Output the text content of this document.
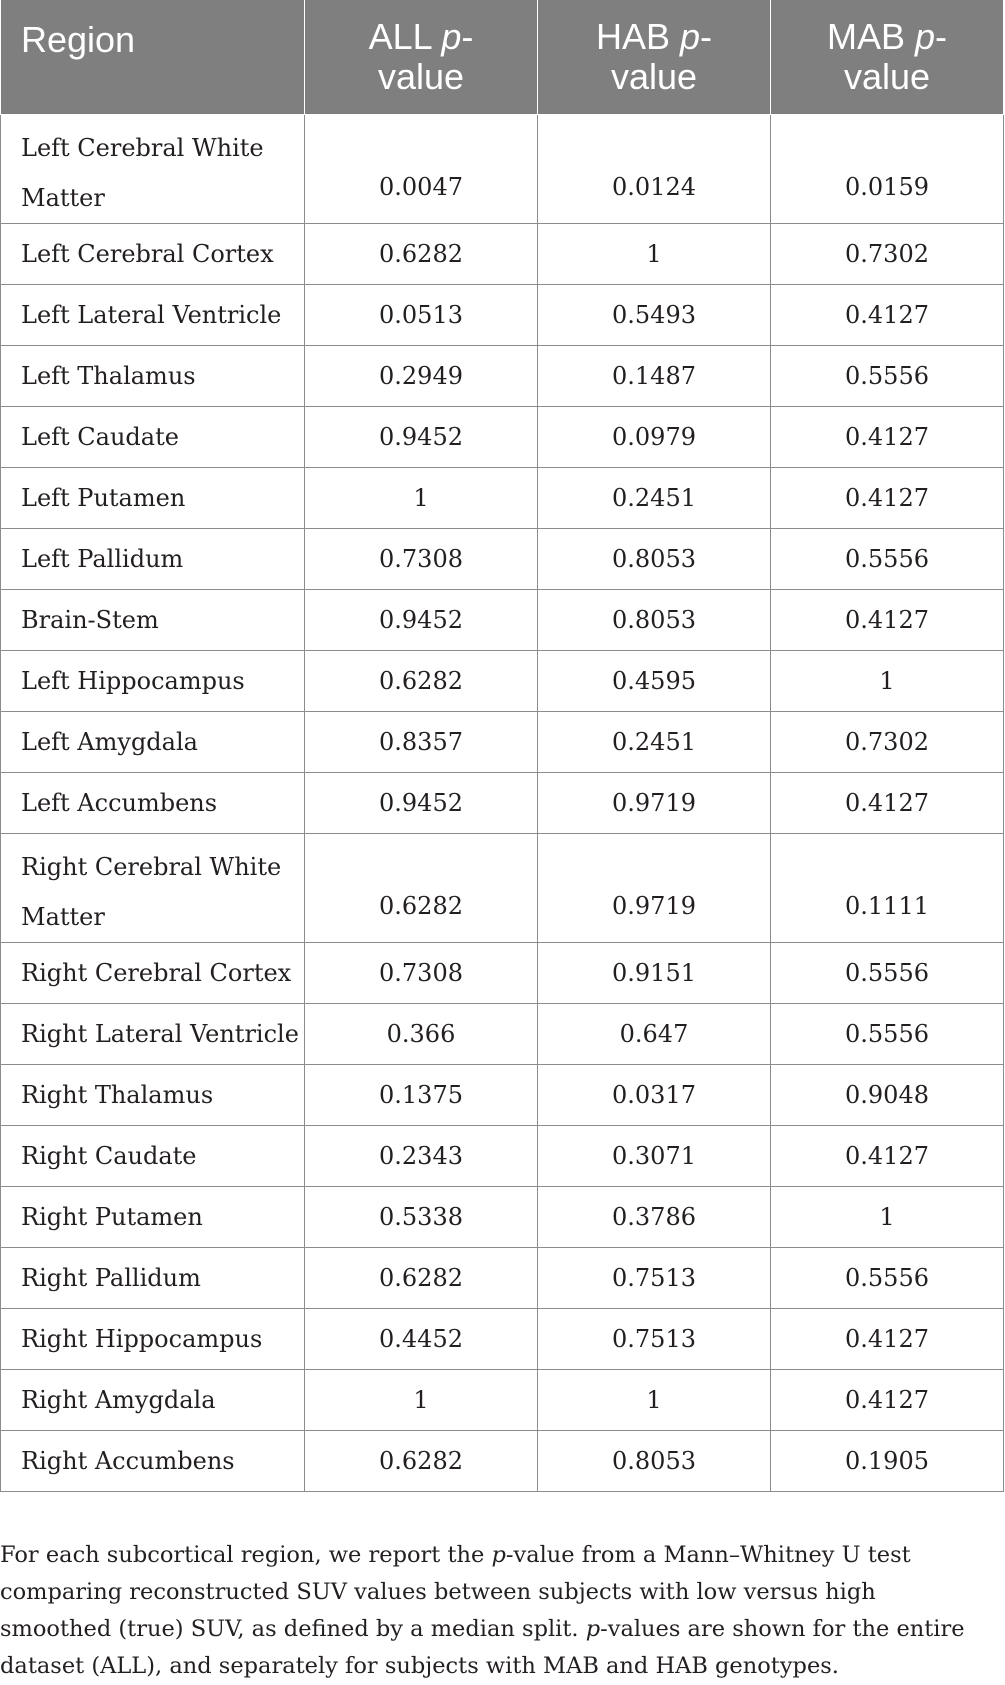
Region	ALL p-value	HAB p-value	MAB p-value
Left Cerebral White Matter	0.0047	0.0124	0.0159
Left Cerebral Cortex	0.6282	1	0.7302
Left Lateral Ventricle	0.0513	0.5493	0.4127
Left Thalamus	0.2949	0.1487	0.5556
Left Caudate	0.9452	0.0979	0.4127
Left Putamen	1	0.2451	0.4127
Left Pallidum	0.7308	0.8053	0.5556
Brain-Stem	0.9452	0.8053	0.4127
Left Hippocampus	0.6282	0.4595	1
Left Amygdala	0.8357	0.2451	0.7302
Left Accumbens	0.9452	0.9719	0.4127
Right Cerebral White Matter	0.6282	0.9719	0.1111
Right Cerebral Cortex	0.7308	0.9151	0.5556
Right Lateral Ventricle	0.366	0.647	0.5556
Right Thalamus	0.1375	0.0317	0.9048
Right Caudate	0.2343	0.3071	0.4127
Right Putamen	0.5338	0.3786	1
Right Pallidum	0.6282	0.7513	0.5556
Right Hippocampus	0.4452	0.7513	0.4127
Right Amygdala	1	1	0.4127
Right Accumbens	0.6282	0.8053	0.1905

For each subcortical region, we report the p-value from a Mann–Whitney U test comparing reconstructed SUV values between subjects with low versus high smoothed (true) SUV, as defined by a median split. p-values are shown for the entire dataset (ALL), and separately for subjects with MAB and HAB genotypes.
